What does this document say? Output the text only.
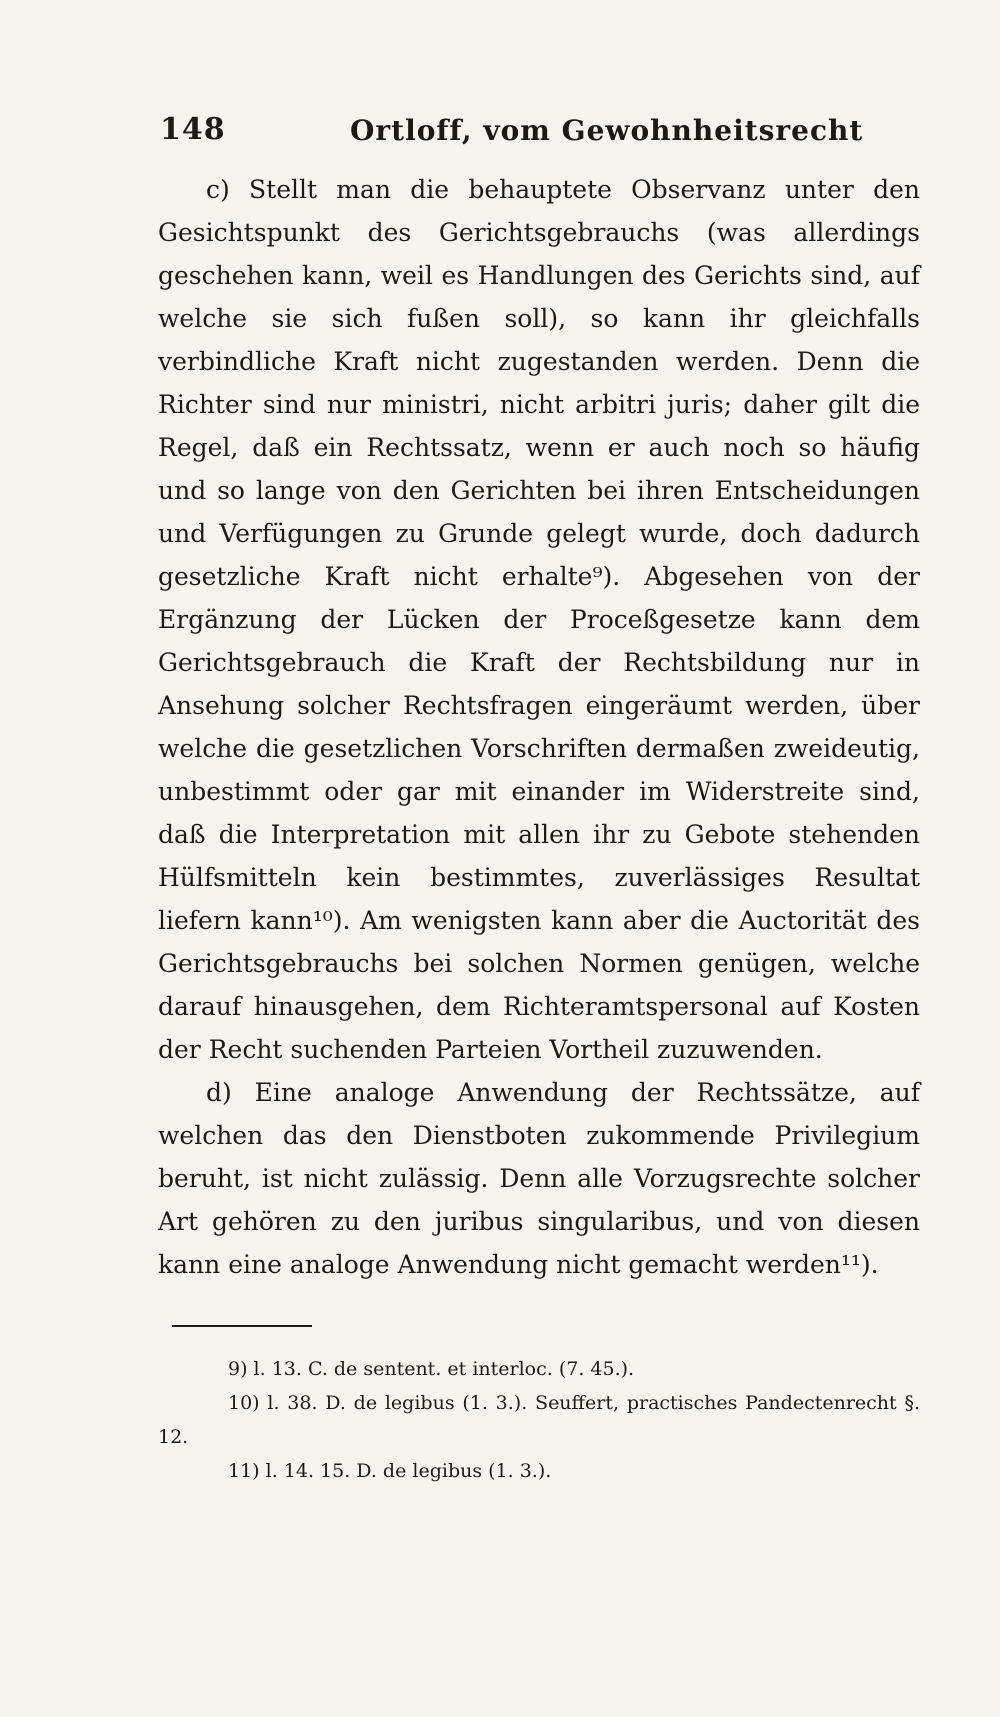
148	Ortloff, vom Gewohnheitsrecht

c) Stellt man die behauptete Observanz unter den Gesichtspunkt des Gerichtsgebrauchs (was allerdings geschehen kann, weil es Handlungen des Gerichts sind, auf welche sie sich fußen soll), so kann ihr gleichfalls verbindliche Kraft nicht zugestanden werden. Denn die Richter sind nur ministri, nicht arbitri juris; daher gilt die Regel, daß ein Rechtssatz, wenn er auch noch so häufig und so lange von den Gerichten bei ihren Entscheidungen und Verfügungen zu Grunde gelegt wurde, doch dadurch gesetzliche Kraft nicht erhalte⁹). Abgesehen von der Ergänzung der Lücken der Proceßgesetze kann dem Gerichtsgebrauch die Kraft der Rechtsbildung nur in Ansehung solcher Rechtsfragen eingeräumt werden, über welche die gesetzlichen Vorschriften dermaßen zweideutig, unbestimmt oder gar mit einander im Widerstreite sind, daß die Interpretation mit allen ihr zu Gebote stehenden Hülfsmitteln kein bestimmtes, zuverlässiges Resultat liefern kann¹⁰). Am wenigsten kann aber die Auctorität des Gerichtsgebrauchs bei solchen Normen genügen, welche darauf hinausgehen, dem Richteramtspersonal auf Kosten der Recht suchenden Parteien Vortheil zuzuwenden.

d) Eine analoge Anwendung der Rechtssätze, auf welchen das den Dienstboten zukommende Privilegium beruht, ist nicht zulässig. Denn alle Vorzugsrechte solcher Art gehören zu den juribus singularibus, und von diesen kann eine analoge Anwendung nicht gemacht werden¹¹).

9) l. 13. C. de sentent. et interloc. (7. 45.).

10) l. 38. D. de legibus (1. 3.). Seuffert, practisches Pandectenrecht §. 12.

11) l. 14. 15. D. de legibus (1. 3.).
